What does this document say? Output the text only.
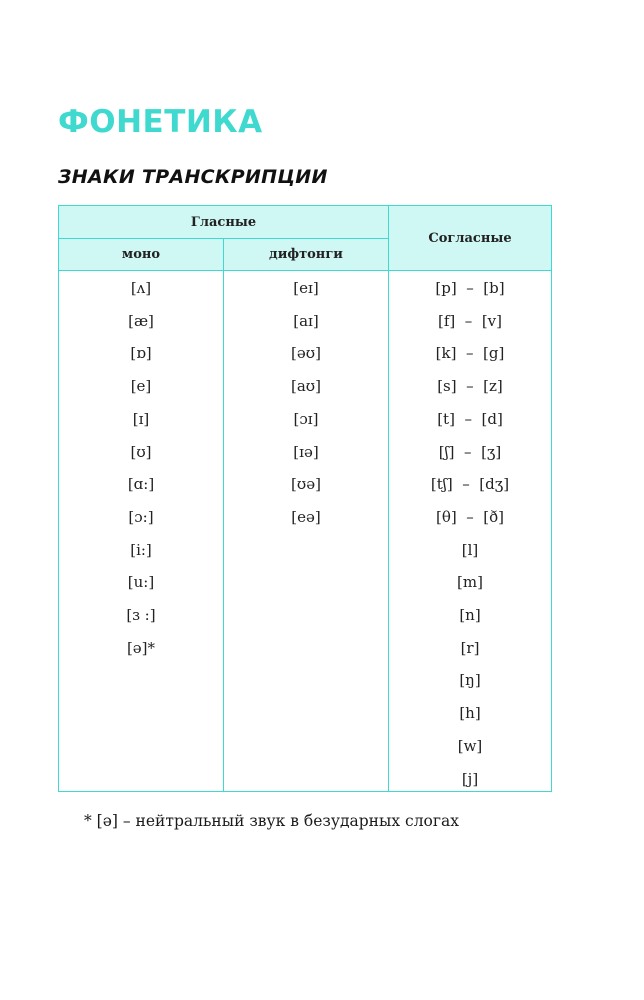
ФОНЕТИКА
ЗНАКИ ТРАНСКРИПЦИИ
Гласные
моно	дифтонги
Согласные
[ʌ]
[æ]
[ɒ]
[e]
[ɪ]
[ʊ]
[ɑ:]
[ɔ:]
[i:]
[u:]
[ɜ :]
[ə]*
[eɪ]
[aɪ]
[əʊ]
[aʊ]
[ɔɪ]
[ɪə]
[ʊə]
[eə]
[p]  –  [b]
[f]  –  [v]
[k]  –  [g]
[s]  –  [z]
[t]  –  [d]
[ʃ]  –  [ʒ]
[tʃ]  –  [dʒ]
[θ]  –  [ð]
[l]
[m]
[n]
[r]
[ŋ]
[h]
[w]
[j]

* [ə] – нейтральный звук в безударных слогах
